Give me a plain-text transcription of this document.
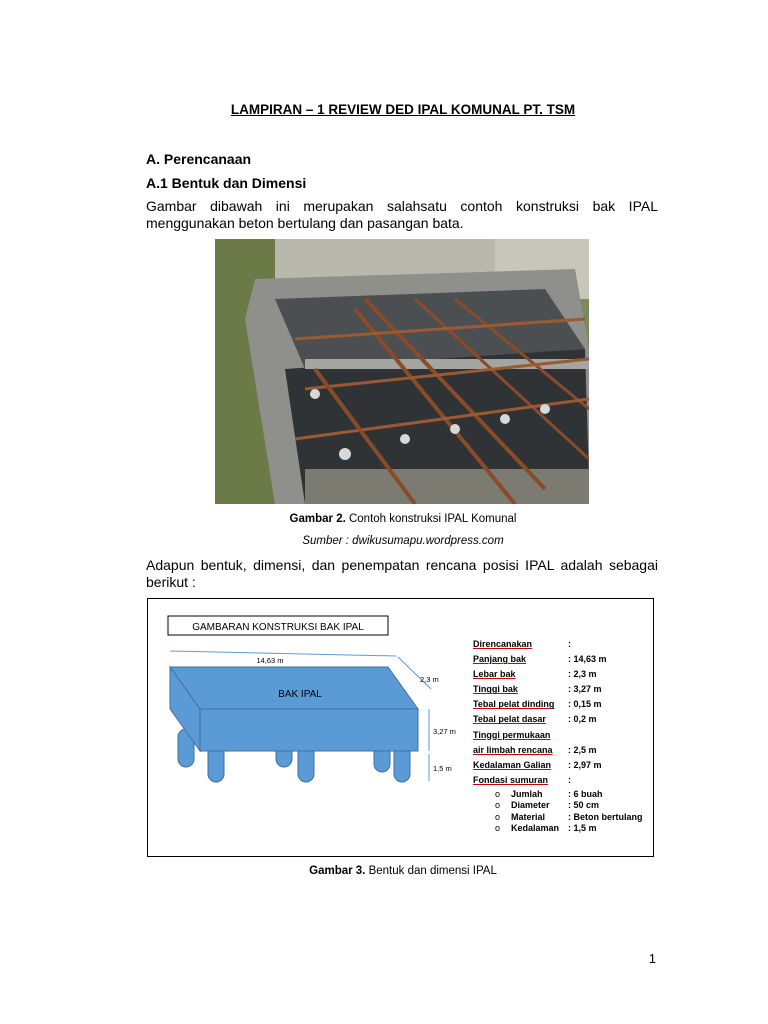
LAMPIRAN – 1 REVIEW DED IPAL KOMUNAL PT. TSM
A. Perencanaan
A.1 Bentuk dan Dimensi
Gambar dibawah ini merupakan salahsatu contoh konstruksi bak IPAL menggunakan beton bertulang dan pasangan bata.
Gambar 2. Contoh konstruksi IPAL Komunal
Sumber : dwikusumapu.wordpress.com
Adapun bentuk, dimensi, dan penempatan rencana posisi IPAL adalah sebagai berikut :
GAMBARAN KONSTRUKSI BAK IPAL
14,63 m
2,3 m
3,27 m
1,5 m
BAK IPAL
Direncanakan	:
Panjang bak	: 14,63 m
Lebar bak	: 2,3 m
Tinggi bak	: 3,27 m
Tebal pelat dinding	: 0,15 m
Tebal pelat dasar	: 0,2 m
Tinggi permukaan
air limbah rencana	: 2,5 m
Kedalaman Galian	: 2,97 m
Fondasi sumuran	:
o	Jumlah	: 6 buah
o	Diameter	: 50 cm
o	Material	: Beton bertulang
o	Kedalaman : 1,5 m
Gambar 3. Bentuk dan dimensi IPAL
1
